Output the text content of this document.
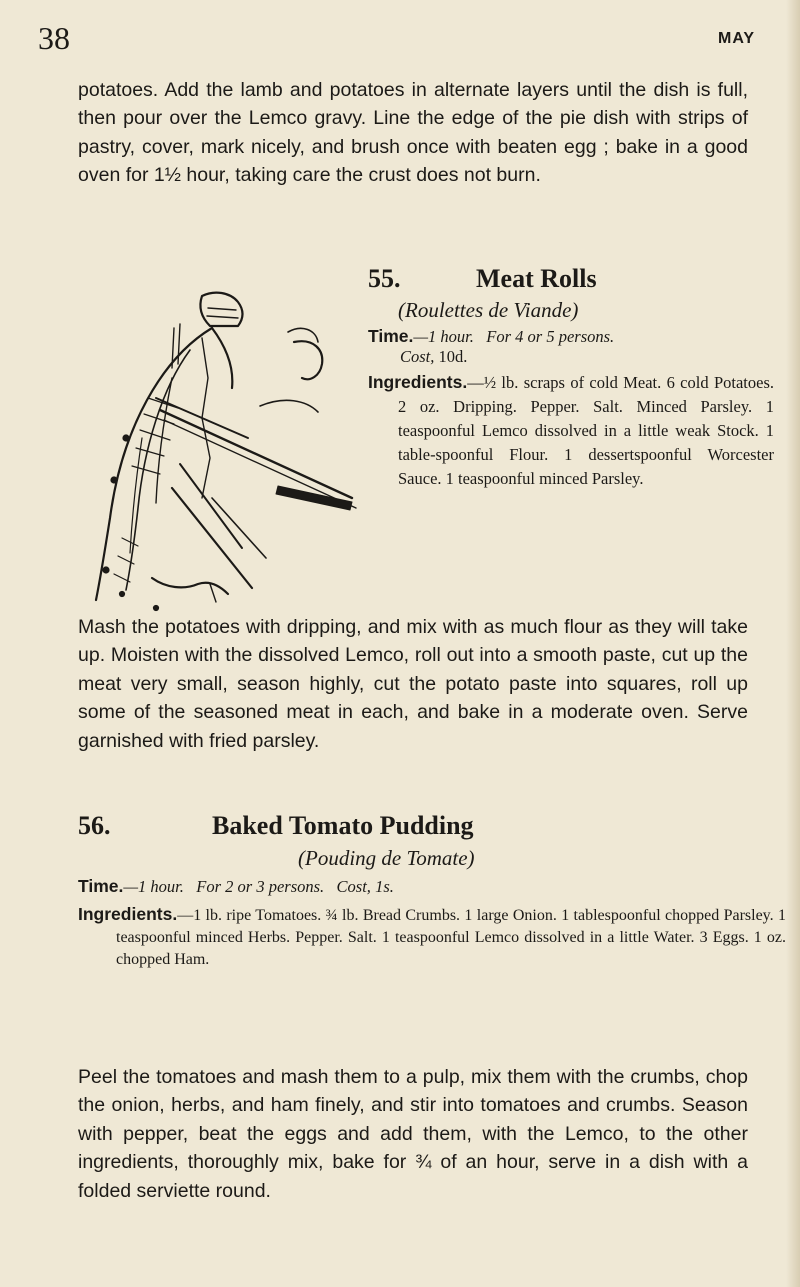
38	MAY

potatoes. Add the lamb and potatoes in alternate layers until the dish is full, then pour over the Lemco gravy. Line the edge of the pie dish with strips of pastry, cover, mark nicely, and brush once with beaten egg ; bake in a good oven for 1½ hour, taking care the crust does not burn.

55.	Meat Rolls
(Roulettes de Viande)
Time.—1 hour. For 4 or 5 persons.
Cost, 10d.
Ingredients.—½ lb. scraps of cold Meat. 6 cold Potatoes. 2 oz. Dripping. Pepper. Salt. Minced Parsley. 1 teaspoonful Lemco dissolved in a little weak Stock. 1 table-spoonful Flour. 1 dessertspoonful Worcester Sauce. 1 teaspoonful minced Parsley.

Mash the potatoes with dripping, and mix with as much flour as they will take up. Moisten with the dissolved Lemco, roll out into a smooth paste, cut up the meat very small, season highly, cut the potato paste into squares, roll up some of the seasoned meat in each, and bake in a moderate oven. Serve garnished with fried parsley.

56.	Baked Tomato Pudding
(Pouding de Tomate)
Time.—1 hour. For 2 or 3 persons. Cost, 1s.
Ingredients.—1 lb. ripe Tomatoes. ¾ lb. Bread Crumbs. 1 large Onion. 1 tablespoonful chopped Parsley. 1 teaspoonful minced Herbs. Pepper. Salt. 1 teaspoonful Lemco dissolved in a little Water. 3 Eggs. 1 oz. chopped Ham.

Peel the tomatoes and mash them to a pulp, mix them with the crumbs, chop the onion, herbs, and ham finely, and stir into tomatoes and crumbs. Season with pepper, beat the eggs and add them, with the Lemco, to the other ingredients, thoroughly mix, bake for ¾ of an hour, serve in a dish with a folded serviette round.
